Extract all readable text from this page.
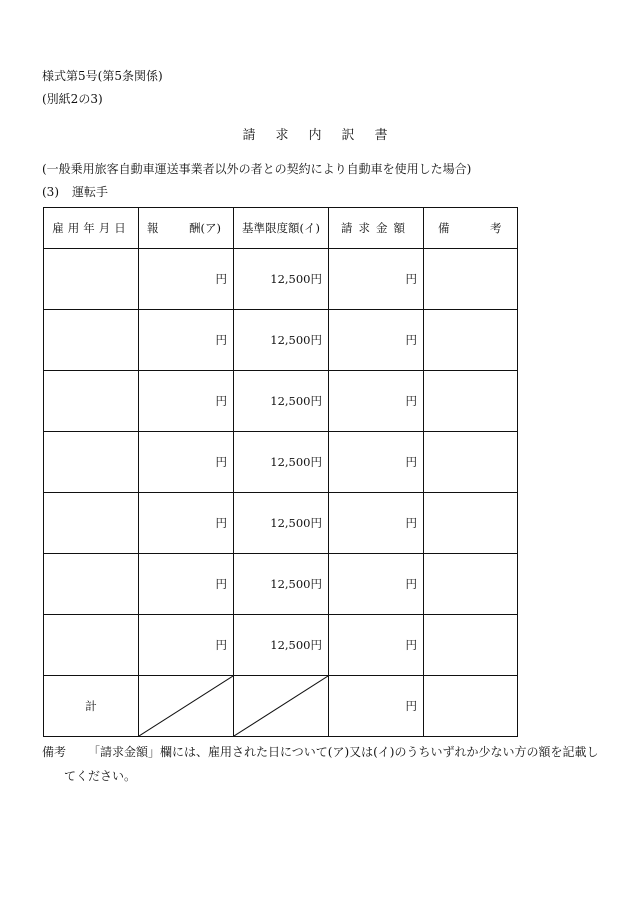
様式第5号(第5条関係)
(別紙2の3)
請求内訳書
(一般乗用旅客自動車運送事業者以外の者との契約により自動車を使用した場合)
(3) 運転手
雇用年月日	報 酬(ア)	基準限度額(イ)	請求金額	備 考
	円	12,500円	円	
	円	12,500円	円	
	円	12,500円	円	
	円	12,500円	円	
	円	12,500円	円	
	円	12,500円	円	
	円	12,500円	円	
計			円	
備考 「請求金額」欄には、雇用された日について(ア)又は(イ)のうちいずれか少ない方の額を記載し
てください。
